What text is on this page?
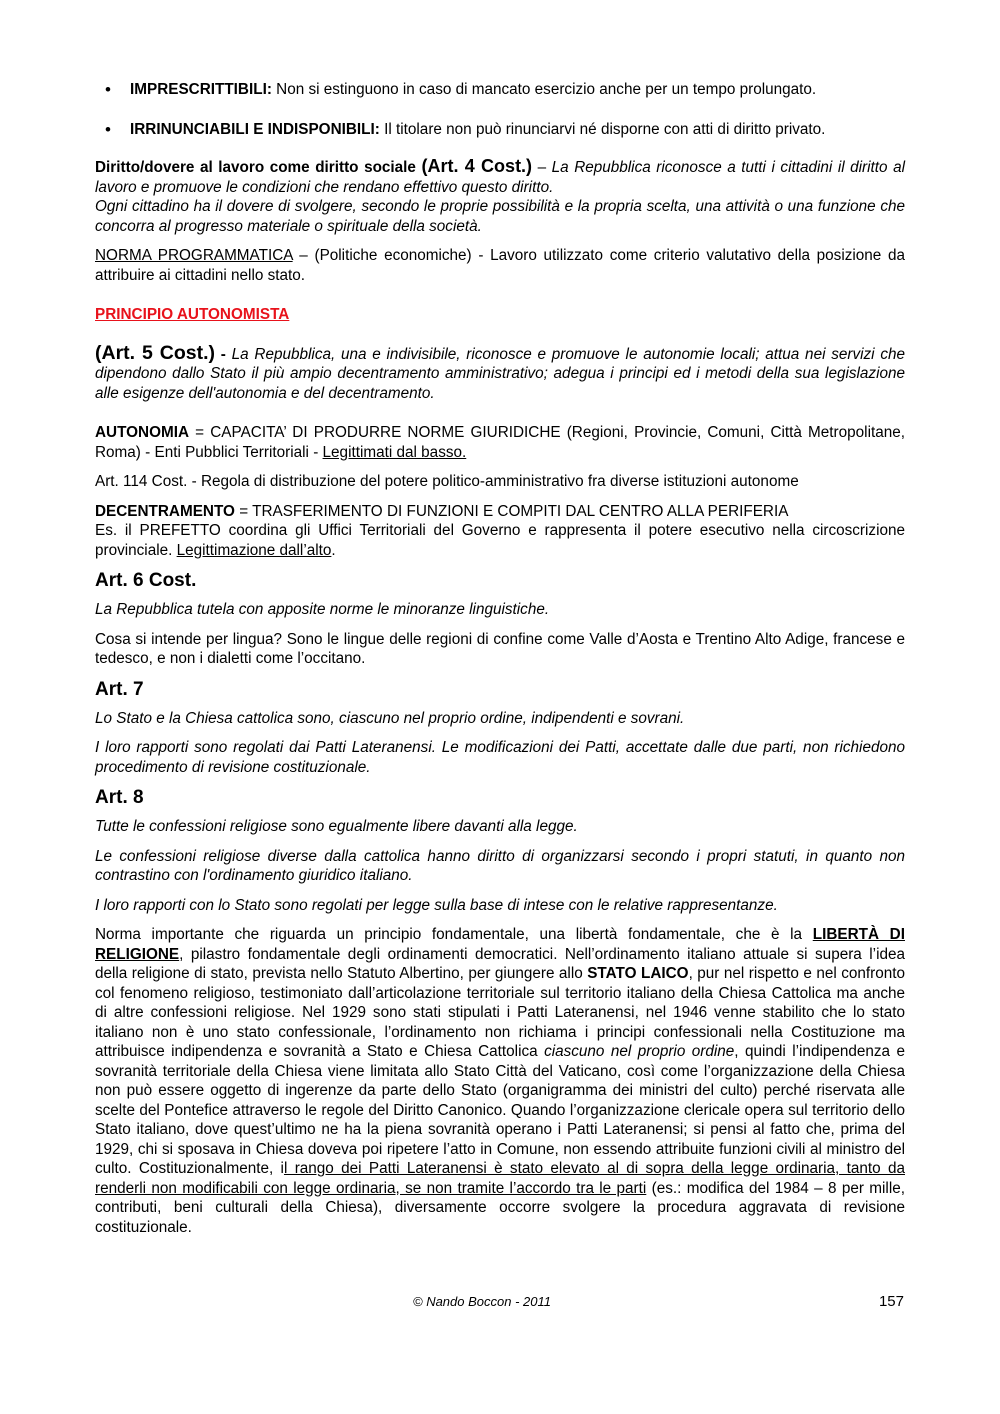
• IMPRESCRITTIBILI: Non si estinguono in caso di mancato esercizio anche per un tempo prolungato.
• IRRINUNCIABILI E INDISPONIBILI: Il titolare non può rinunciarvi né disporne con atti di diritto privato.

Diritto/dovere al lavoro come diritto sociale (Art. 4 Cost.) – La Repubblica riconosce a tutti i cittadini il diritto al lavoro e promuove le condizioni che rendano effettivo questo diritto.

Ogni cittadino ha il dovere di svolgere, secondo le proprie possibilità e la propria scelta, una attività o una funzione che concorra al progresso materiale o spirituale della società.

NORMA PROGRAMMATICA – (Politiche economiche) - Lavoro utilizzato come criterio valutativo della posizione da attribuire ai cittadini nello stato.

PRINCIPIO AUTONOMISTA

(Art. 5 Cost.) - La Repubblica, una e indivisibile, riconosce e promuove le autonomie locali; attua nei servizi che dipendono dallo Stato il più ampio decentramento amministrativo; adegua i principi ed i metodi della sua legislazione alle esigenze dell'autonomia e del decentramento.

AUTONOMIA = CAPACITA’ DI PRODURRE NORME GIURIDICHE (Regioni, Provincie, Comuni, Città Metropolitane, Roma) - Enti Pubblici Territoriali - Legittimati dal basso.

Art. 114 Cost. - Regola di distribuzione del potere politico-amministrativo fra diverse istituzioni autonome

DECENTRAMENTO = TRASFERIMENTO DI FUNZIONI E COMPITI DAL CENTRO ALLA PERIFERIA

Es. il PREFETTO coordina gli Uffici Territoriali del Governo e rappresenta il potere esecutivo nella circoscrizione provinciale. Legittimazione dall’alto.

Art. 6 Cost.

La Repubblica tutela con apposite norme le minoranze linguistiche.

Cosa si intende per lingua? Sono le lingue delle regioni di confine come Valle d’Aosta e Trentino Alto Adige, francese e tedesco, e non i dialetti come l’occitano.

Art. 7

Lo Stato e la Chiesa cattolica sono, ciascuno nel proprio ordine, indipendenti e sovrani.

I loro rapporti sono regolati dai Patti Lateranensi. Le modificazioni dei Patti, accettate dalle due parti, non richiedono procedimento di revisione costituzionale.

Art. 8

Tutte le confessioni religiose sono egualmente libere davanti alla legge.

Le confessioni religiose diverse dalla cattolica hanno diritto di organizzarsi secondo i propri statuti, in quanto non contrastino con l'ordinamento giuridico italiano.

I loro rapporti con lo Stato sono regolati per legge sulla base di intese con le relative rappresentanze.

Norma importante che riguarda un principio fondamentale, una libertà fondamentale, che è la LIBERTÀ DI RELIGIONE, pilastro fondamentale degli ordinamenti democratici. Nell’ordinamento italiano attuale si supera l’idea della religione di stato, prevista nello Statuto Albertino, per giungere allo STATO LAICO, pur nel rispetto e nel confronto col fenomeno religioso, testimoniato dall’articolazione territoriale sul territorio italiano della Chiesa Cattolica ma anche di altre confessioni religiose. Nel 1929 sono stati stipulati i Patti Lateranensi, nel 1946 venne stabilito che lo stato italiano non è uno stato confessionale, l’ordinamento non richiama i principi confessionali nella Costituzione ma attribuisce indipendenza e sovranità a Stato e Chiesa Cattolica ciascuno nel proprio ordine, quindi l’indipendenza e sovranità territoriale della Chiesa viene limitata allo Stato Città del Vaticano, così come l’organizzazione della Chiesa non può essere oggetto di ingerenze da parte dello Stato (organigramma dei ministri del culto) perché riservata alle scelte del Pontefice attraverso le regole del Diritto Canonico. Quando l’organizzazione clericale opera sul territorio dello Stato italiano, dove quest’ultimo ne ha la piena sovranità operano i Patti Lateranensi; si pensi al fatto che, prima del 1929, chi si sposava in Chiesa doveva poi ripetere l’atto in Comune, non essendo attribuite funzioni civili al ministro del culto. Costituzionalmente, il rango dei Patti Lateranensi è stato elevato al di sopra della legge ordinaria, tanto da renderli non modificabili con legge ordinaria, se non tramite l’accordo tra le parti (es.: modifica del 1984 – 8 per mille, contributi, beni culturali della Chiesa), diversamente occorre svolgere la procedura aggravata di revisione costituzionale.

© Nando Boccon - 2011	157
